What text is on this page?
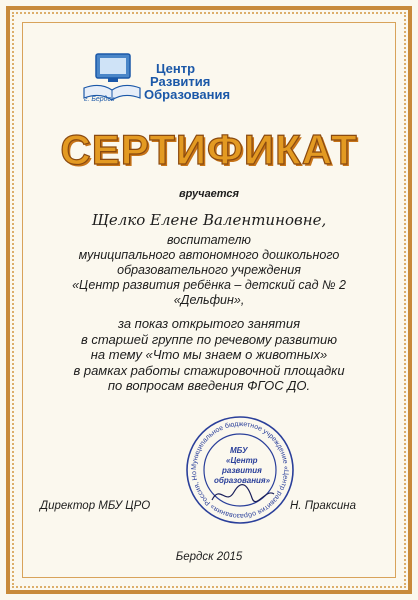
Центр
Развития
Образования
г. Бердск
СЕРТИФИКАТ
вручается
Щелко Елене Валентиновне,
воспитателю
муниципального автономного дошкольного
образовательного учреждения
«Центр развития ребёнка – детский сад № 2
«Дельфин»,
за показ открытого занятия
в старшей группе по речевому развитию
на тему «Что мы знаем о животных»
в рамках работы стажировочной площадки
по вопросам введения ФГОС ДО.
Муниципальное бюджетное учреждение «Центр развития образования» Россия, Но
МБУ
«Центр
развития
образования»
Директор МБУ ЦРО	Н. Праксина
Бердск 2015
